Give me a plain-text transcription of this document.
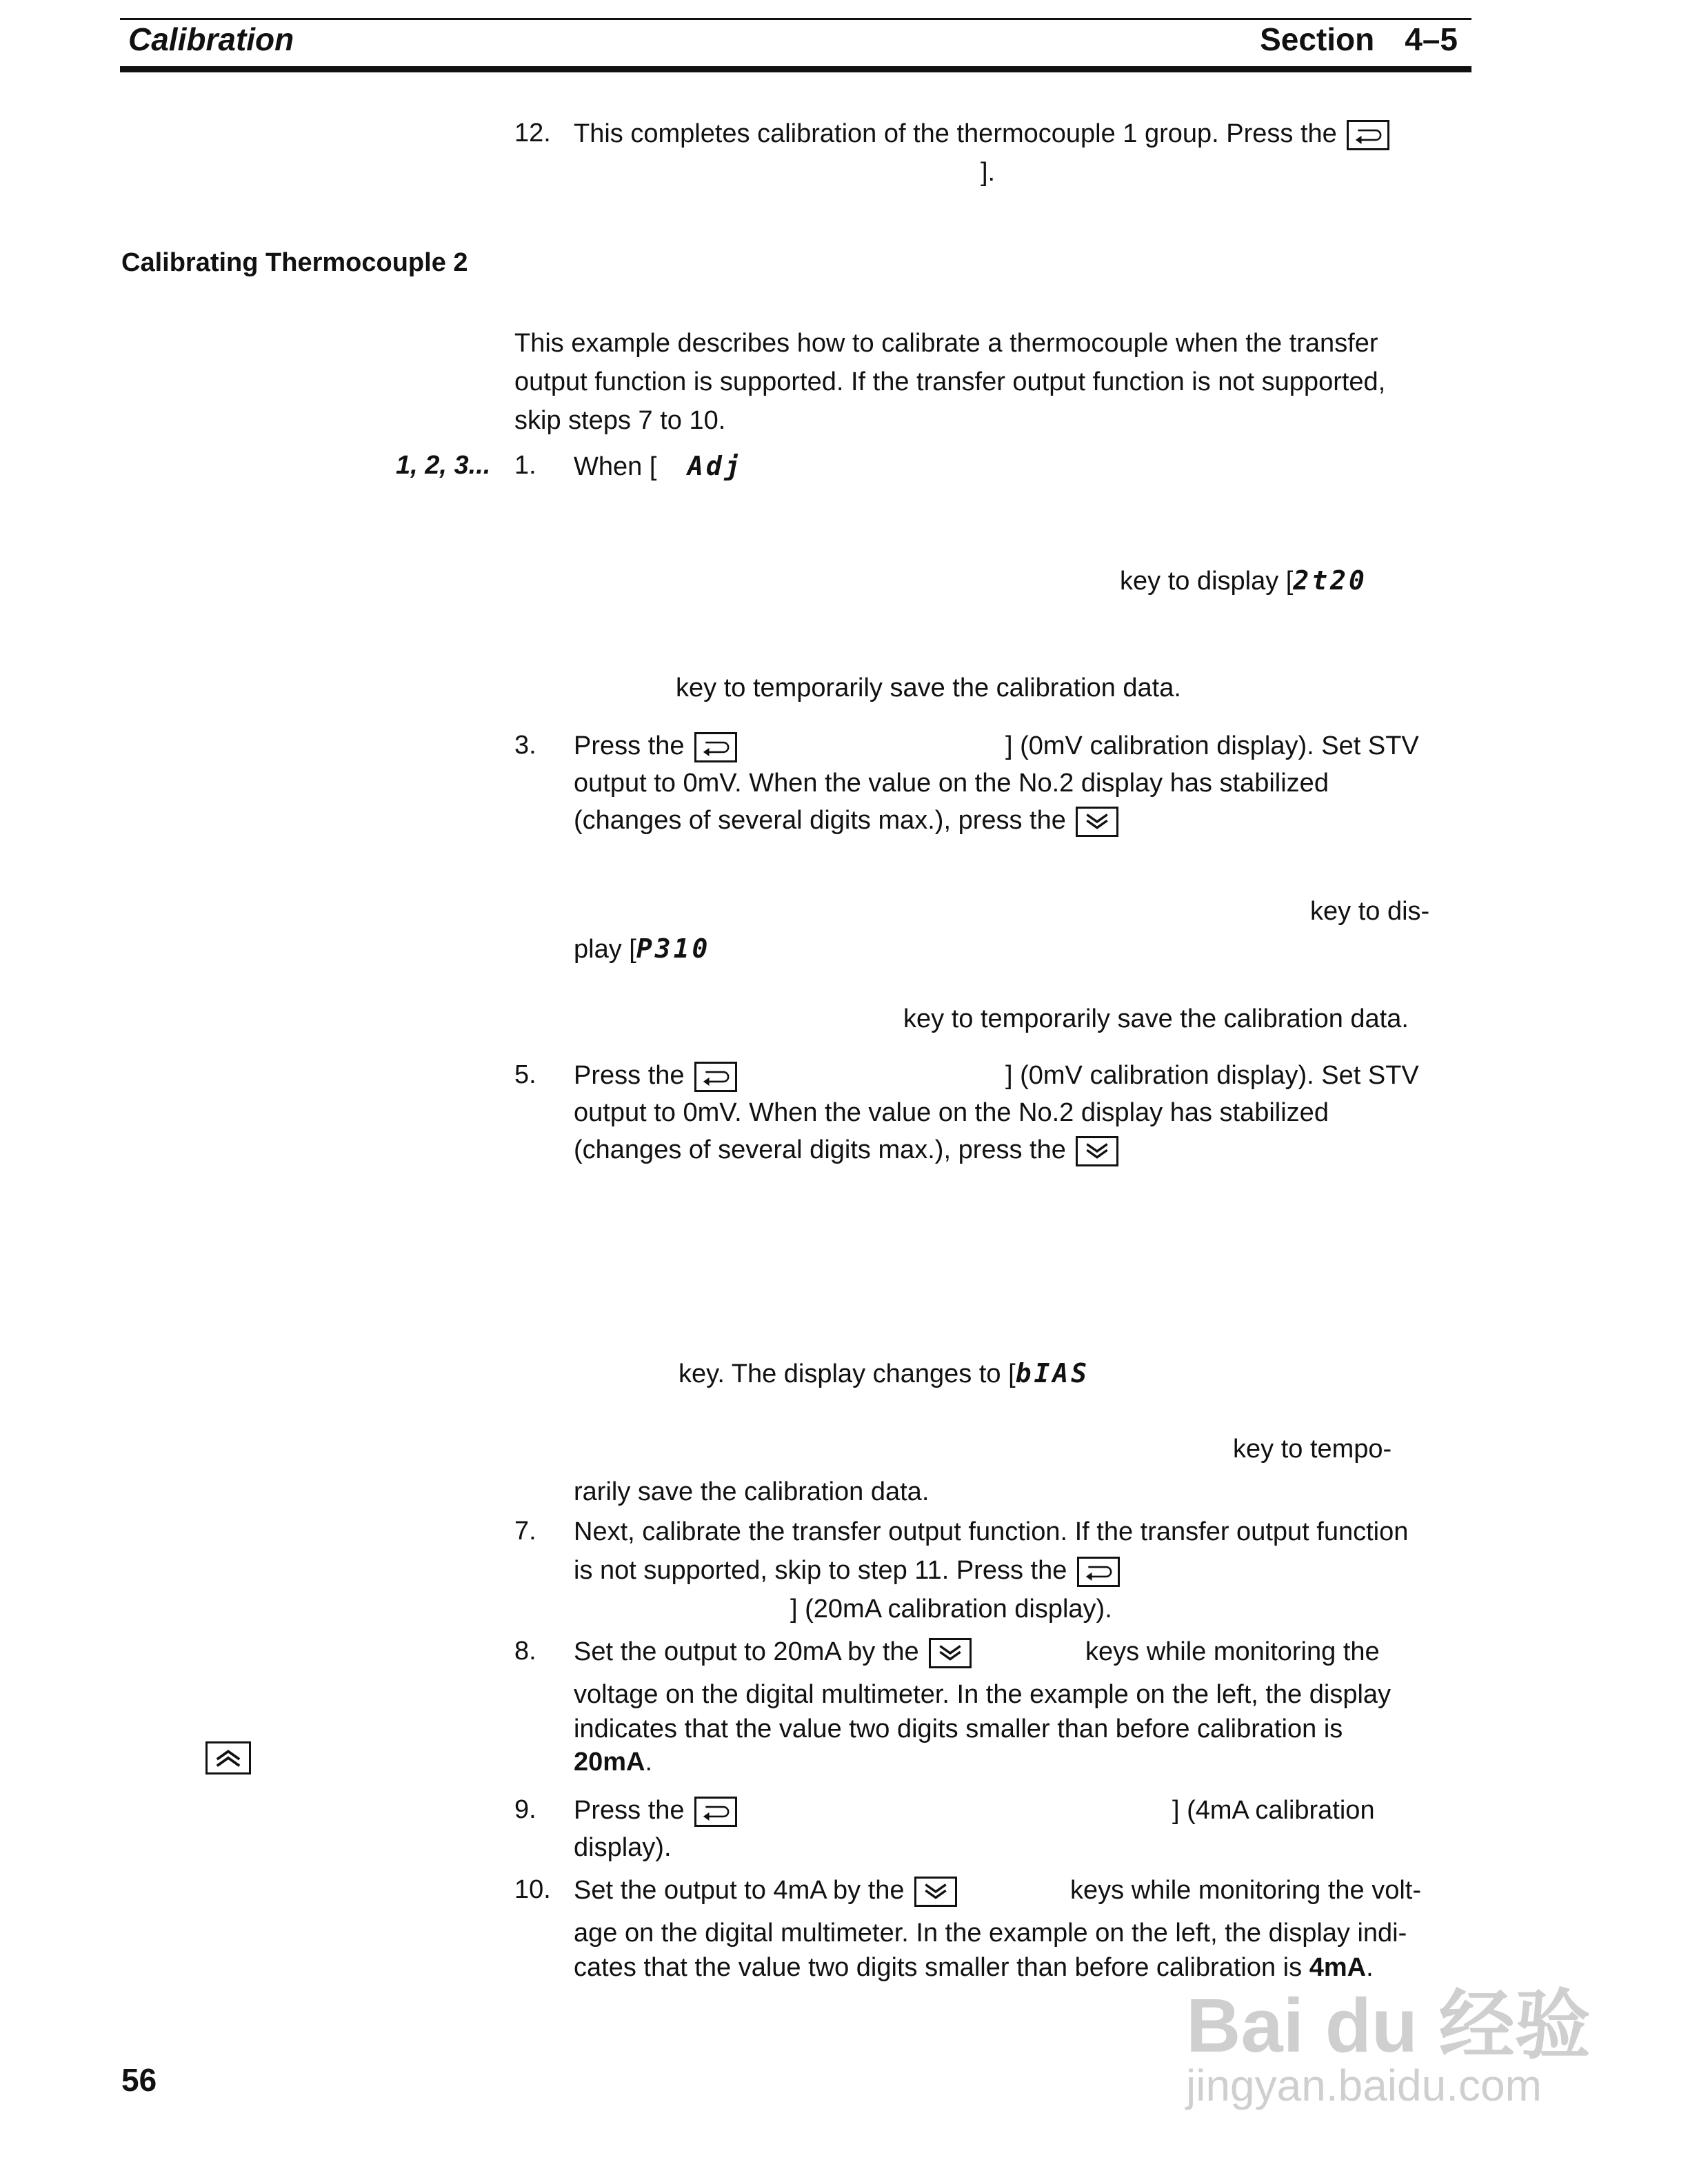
Calibration	Section 4–5
12. This completes calibration of the thermocouple 1 group. Press the
].
Calibrating Thermocouple 2
This example describes how to calibrate a thermocouple when the transfer
output function is supported. If the transfer output function is not supported,
skip steps 7 to 10.
1, 2, 3... 1. When [ Adj
key to display [2t20
key to temporarily save the calibration data.
3. Press the	] (0mV calibration display). Set STV
output to 0mV. When the value on the No.2 display has stabilized
(changes of several digits max.), press the
key to dis-
play [P310
key to temporarily save the calibration data.
5. Press the	] (0mV calibration display). Set STV
output to 0mV. When the value on the No.2 display has stabilized
(changes of several digits max.), press the
key. The display changes to [bIAS
key to tempo-
rarily save the calibration data.
7. Next, calibrate the transfer output function. If the transfer output function
is not supported, skip to step 11. Press the
] (20mA calibration display).
8. Set the output to 20mA by the	keys while monitoring the
voltage on the digital multimeter. In the example on the left, the display
indicates that the value two digits smaller than before calibration is
20mA.
9. Press the	] (4mA calibration
display).
10. Set the output to 4mA by the	keys while monitoring the volt-
age on the digital multimeter. In the example on the left, the display indi-
cates that the value two digits smaller than before calibration is 4mA.
56
Bai du 经验
jingyan.baidu.com
